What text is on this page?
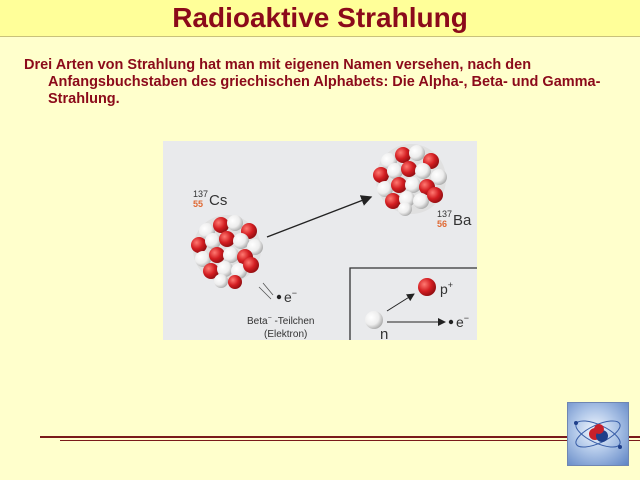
Radioaktive Strahlung
Drei Arten von Strahlung hat man mit eigenen Namen versehen, nach den Anfangsbuchstaben des griechischen Alphabets: Die Alpha-, Beta- und Gamma-Strahlung.
137
55 Cs
137
56 Ba
e−
Beta− -Teilchen
(Elektron)	n
p+
e−
